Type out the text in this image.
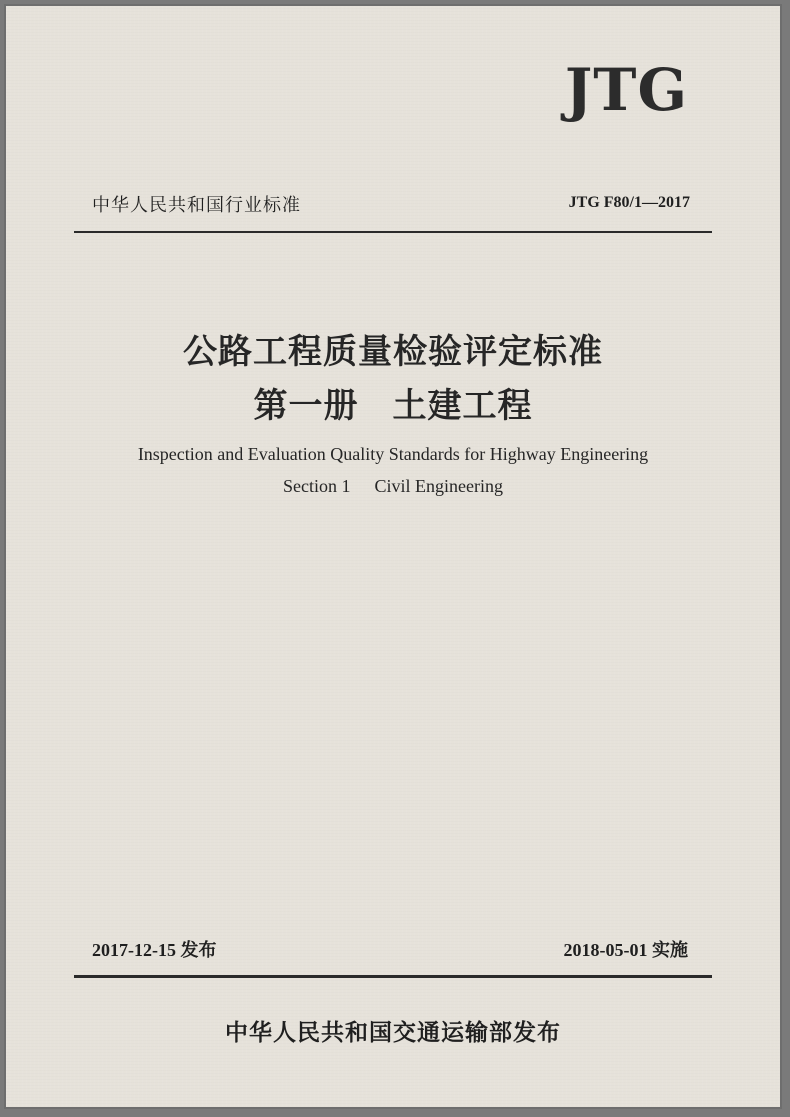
JTG
中华人民共和国行业标准	JTG F80/1—2017
公路工程质量检验评定标准
第一册 土建工程
Inspection and Evaluation Quality Standards for Highway Engineering
Section 1 Civil Engineering
2017-12-15 发布	2018-05-01 实施
中华人民共和国交通运输部发布
